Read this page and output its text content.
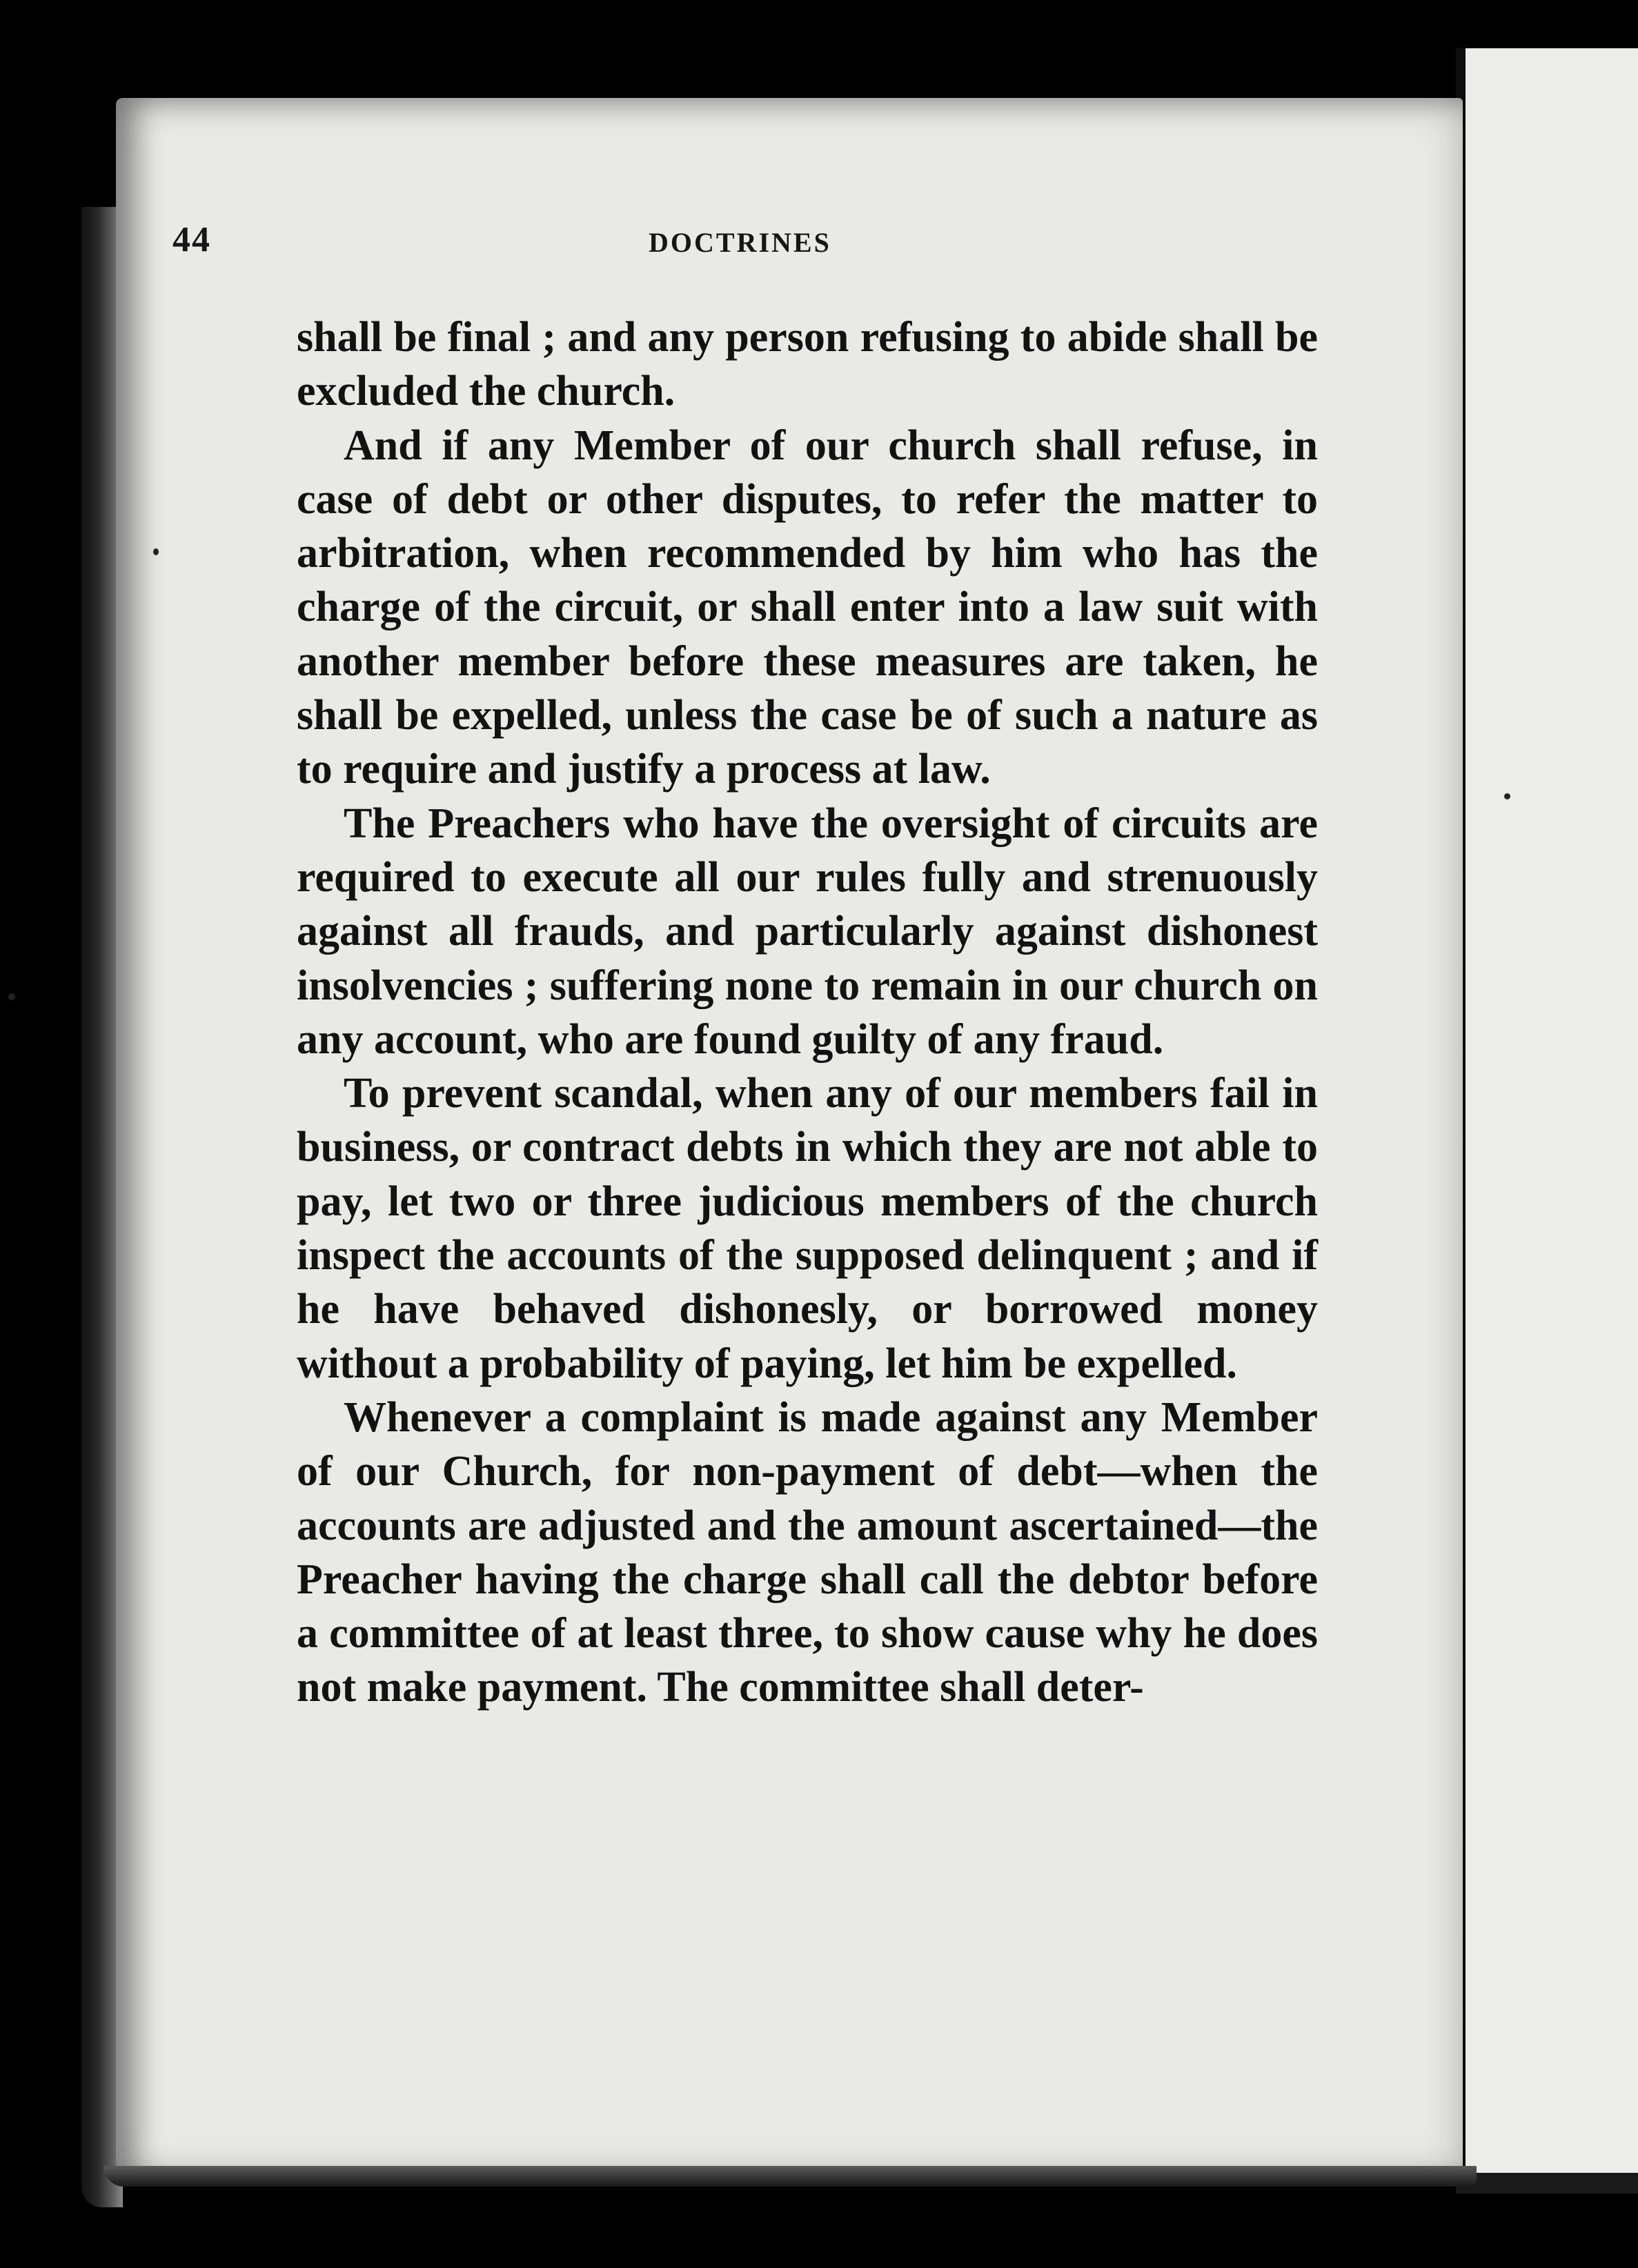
44	DOCTRINES

shall be final ; and any person refusing to abide shall be excluded the church.

And if any Member of our church shall refuse, in case of debt or other disputes, to refer the matter to arbitration, when recommended by him who has the charge of the circuit, or shall enter into a law suit with another member before these measures are taken, he shall be expelled, unless the case be of such a nature as to require and justify a process at law.

The Preachers who have the oversight of circuits are required to execute all our rules fully and strenuously against all frauds, and particularly against dishonest insolvencies ; suffering none to remain in our church on any account, who are found guilty of any fraud.

To prevent scandal, when any of our members fail in business, or contract debts in which they are not able to pay, let two or three judicious members of the church inspect the accounts of the supposed delinquent ; and if he have behaved dishonesly, or borrowed money without a probability of paying, let him be expelled.

Whenever a complaint is made against any Member of our Church, for non-payment of debt—when the accounts are adjusted and the amount ascertained—the Preacher having the charge shall call the debtor before a committee of at least three, to show cause why he does not make payment. The committee shall deter-
